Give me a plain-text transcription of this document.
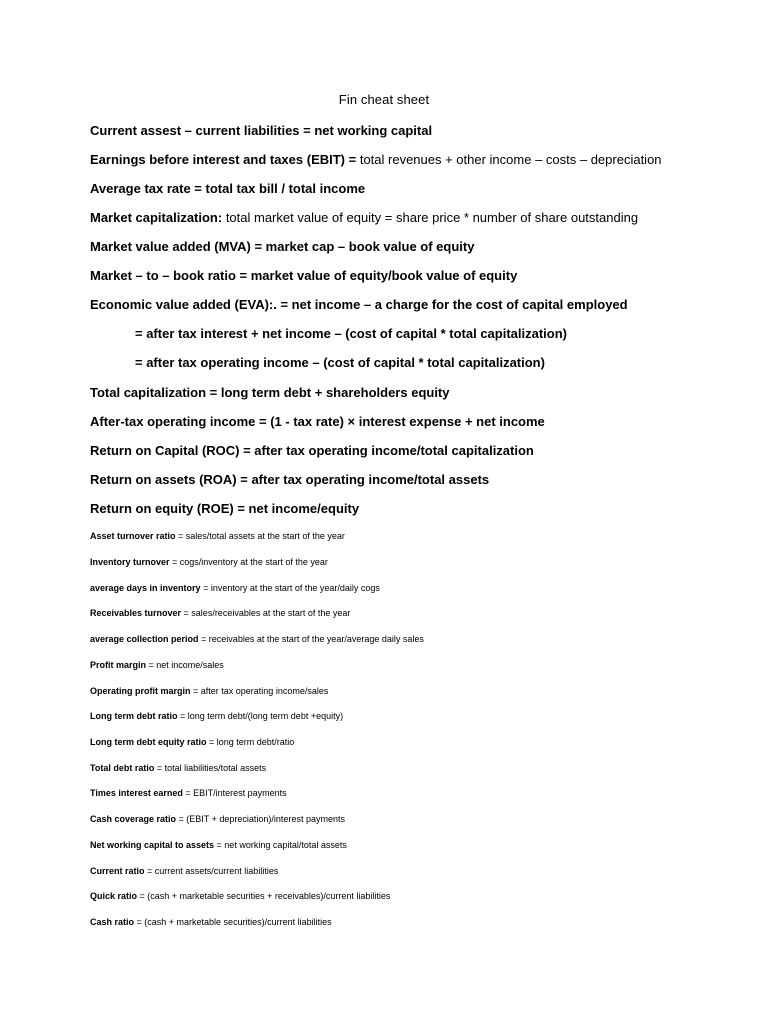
Fin cheat sheet
Current assest – current liabilities = net working capital
Earnings before interest and taxes (EBIT) = total revenues + other income – costs – depreciation
Average tax rate = total tax bill / total income
Market capitalization: total market value of equity = share price * number of share outstanding
Market value added (MVA) = market cap – book value of equity
Market – to – book ratio = market value of equity/book value of equity
Economic value added (EVA):. = net income – a charge for the cost of capital employed
= after tax interest + net income – (cost of capital * total capitalization)
= after tax operating income – (cost of capital * total capitalization)
Total capitalization = long term debt + shareholders equity
After-tax operating income = (1 - tax rate) × interest expense + net income
Return on Capital (ROC) = after tax operating income/total capitalization
Return on assets (ROA) = after tax operating income/total assets
Return on equity (ROE) = net income/equity
Asset turnover ratio = sales/total assets at the start of the year
Inventory turnover = cogs/inventory at the start of the year
average days in inventory = inventory at the start of the year/daily cogs
Receivables turnover = sales/receivables at the start of the year
average collection period = receivables at the start of the year/average daily sales
Profit margin = net income/sales
Operating profit margin = after tax operating income/sales
Long term debt ratio = long term debt/(long term debt +equity)
Long term debt equity ratio = long term debt/ratio
Total debt ratio = total liabilities/total assets
Times interest earned = EBIT/interest payments
Cash coverage ratio = (EBIT + depreciation)/interest payments
Net working capital to assets = net working capital/total assets
Current ratio = current assets/current liabilities
Quick ratio = (cash + marketable securities + receivables)/current liabilities
Cash ratio = (cash + marketable securities)/current liabilities
